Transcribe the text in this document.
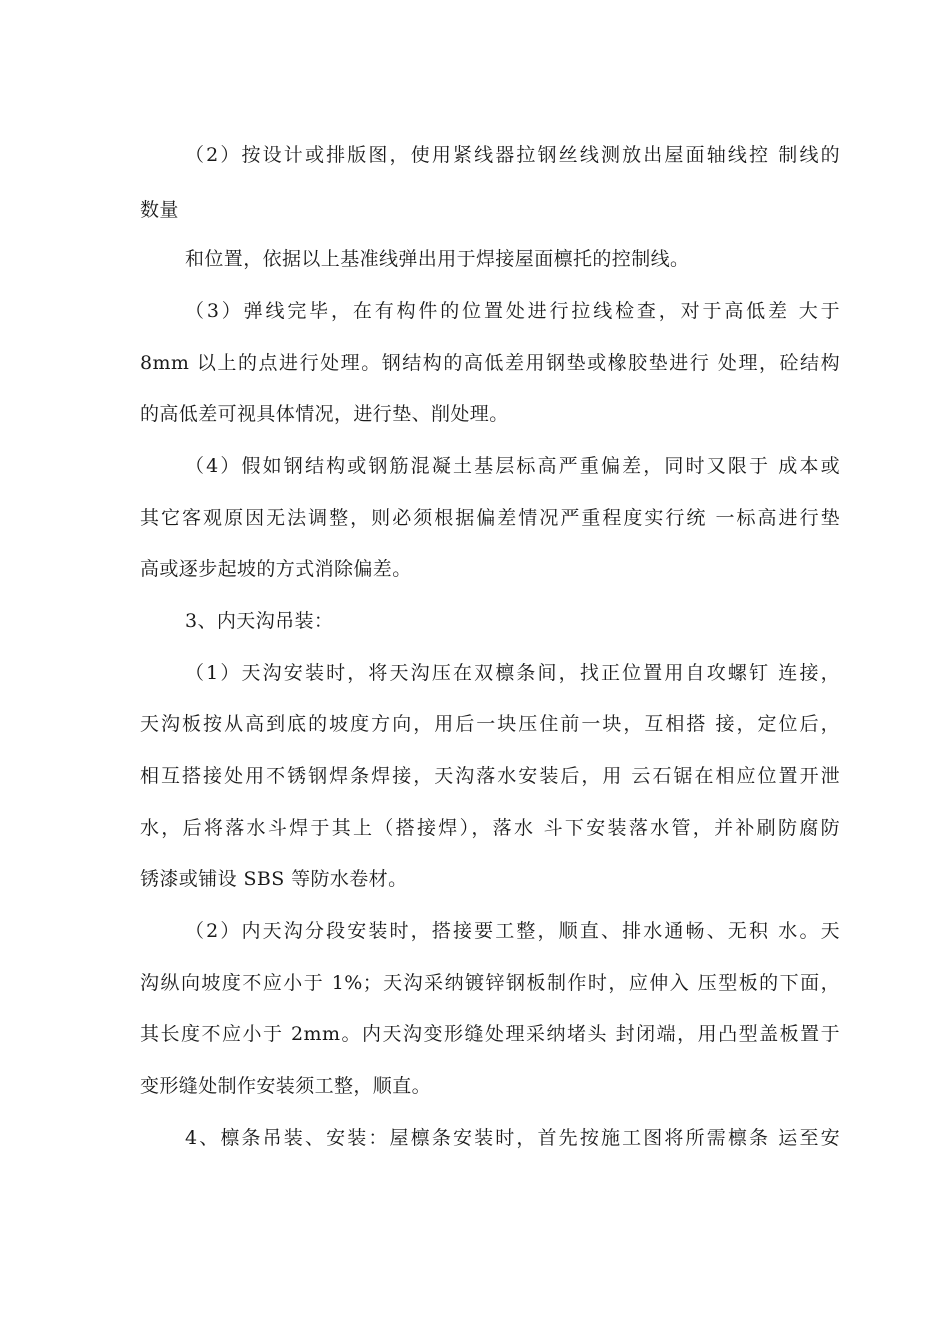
（2）按设计或排版图，使用紧线器拉钢丝线测放出屋面轴线控 制线的
数量
和位置，依据以上基准线弹出用于焊接屋面檩托的控制线。
（3）弹线完毕，在有构件的位置处进行拉线检查，对于高低差 大于
8mm 以上的点进行处理。钢结构的高低差用钢垫或橡胶垫进行 处理，砼结构
的高低差可视具体情况，进行垫、削处理。
（4）假如钢结构或钢筋混凝土基层标高严重偏差，同时又限于 成本或
其它客观原因无法调整，则必须根据偏差情况严重程度实行统 一标高进行垫
高或逐步起坡的方式消除偏差。
3、内天沟吊装：
（1）天沟安装时，将天沟压在双檩条间，找正位置用自攻螺钉 连接，
天沟板按从高到底的坡度方向，用后一块压住前一块，互相搭 接，定位后，
相互搭接处用不锈钢焊条焊接，天沟落水安装后，用 云石锯在相应位置开泄
水，后将落水斗焊于其上（搭接焊），落水 斗下安装落水管，并补刷防腐防
锈漆或铺设 SBS 等防水卷材。
（2）内天沟分段安装时，搭接要工整，顺直、排水通畅、无积 水。天
沟纵向坡度不应小于 1%；天沟采纳镀锌钢板制作时，应伸入 压型板的下面，
其长度不应小于 2mm。内天沟变形缝处理采纳堵头 封闭端，用凸型盖板置于
变形缝处制作安装须工整，顺直。
4、檩条吊装、安装：屋檩条安装时，首先按施工图将所需檩条 运至安
